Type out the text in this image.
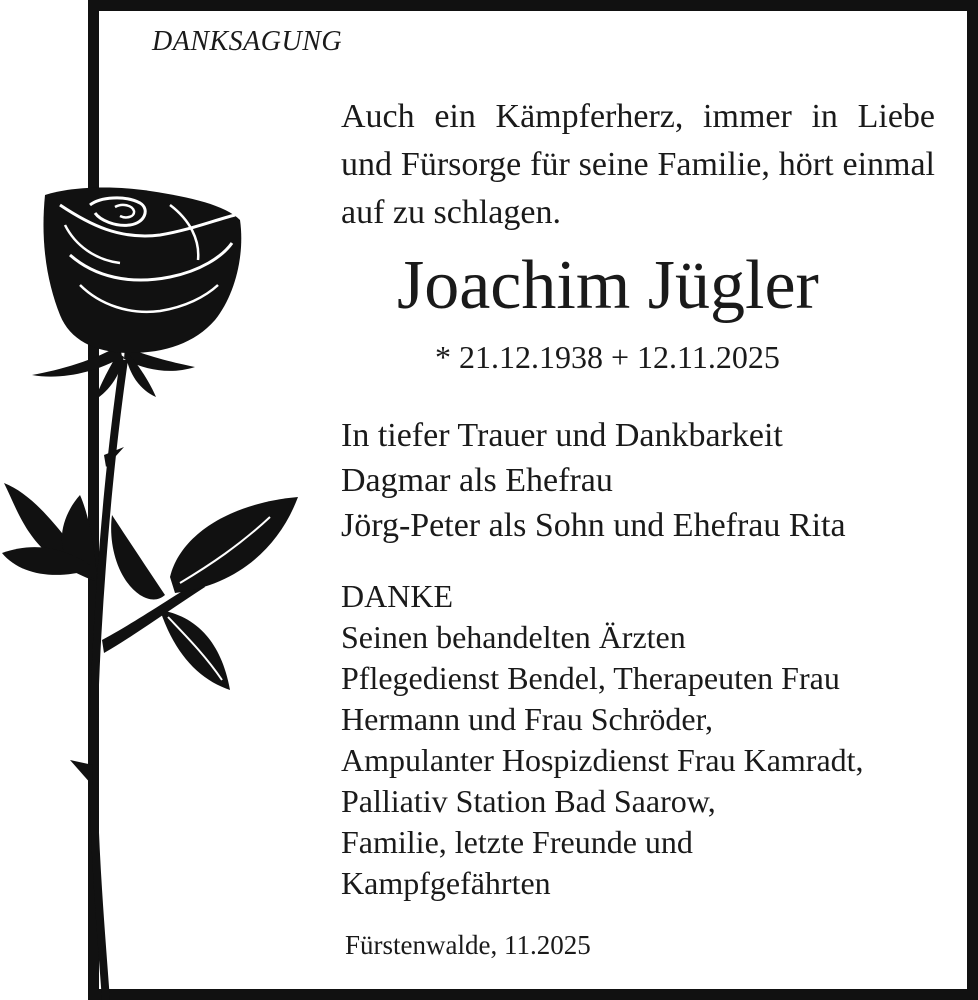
DANKSAGUNG
Auch ein Kämpferherz, immer in Liebe und Fürsorge für seine Familie, hört einmal auf zu schlagen.
Joachim Jügler
* 21.12.1938 + 12.11.2025
In tiefer Trauer und Dankbarkeit
Dagmar als Ehefrau
Jörg-Peter als Sohn und Ehefrau Rita
DANKE
Seinen behandelten Ärzten
Pflegedienst Bendel, Therapeuten Frau
Hermann und Frau Schröder,
Ampulanter Hospizdienst Frau Kamradt,
Palliativ Station Bad Saarow,
Familie, letzte Freunde und
Kampfgefährten
Fürstenwalde, 11.2025
